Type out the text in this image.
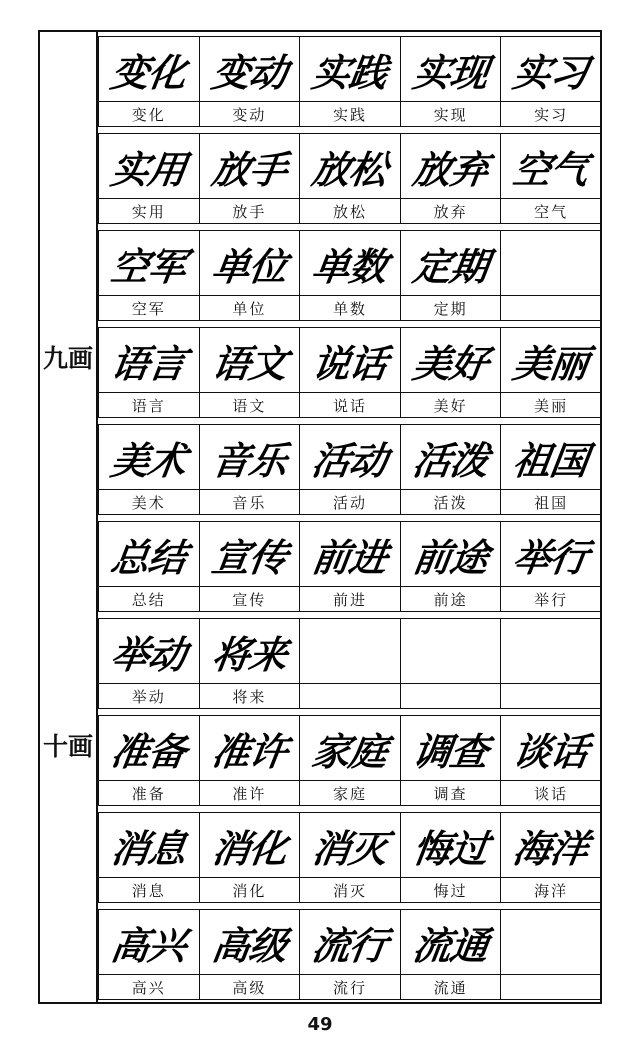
九画
十画
变化
变化
变动
变动
实践
实践
实现
实现
实习
实习
实用
实用
放手
放手
放松
放松
放弃
放弃
空气
空气
空军
空军
单位
单位
单数
单数
定期
定期
语言
语言
语文
语文
说话
说话
美好
美好
美丽
美丽
美术
美术
音乐
音乐
活动
活动
活泼
活泼
祖国
祖国
总结
总结
宣传
宣传
前进
前进
前途
前途
举行
举行
举动
举动
将来
将来
准备
准备
准许
准许
家庭
家庭
调查
调查
谈话
谈话
消息
消息
消化
消化
消灭
消灭
悔过
悔过
海洋
海洋
高兴
高兴
高级
高级
流行
流行
流通
流通
49
